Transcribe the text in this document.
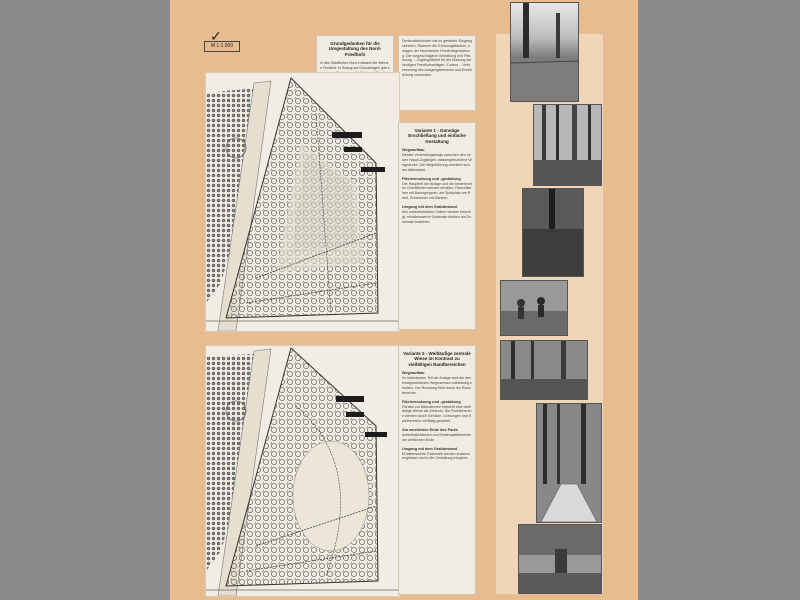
✓
M 1:1.000	Grundgedanken für die Umgestaltung des Nord-Friedhofs
In den Stadtteilen Nord entstand die Weinen Friedhof. In Bezug auf Grünanlagen gibt e
Denkmalbehörden hat es gestaltet: Eingangsbereich, Rahmen der Erholungsflächen, Anlagen der historischen Friedhofsgestaltung. Die vorgeschlagene Gestaltung und Pflanzung ... Zugänglichkeit für die Nutzung der heutigen Friedhofsanlagen. Zudem ... Verbesserung des Ausgangsbereichs und Erschließung vorhanden.
Variante 1 - Günstige Erschließung und einfache Gestaltung
Wegeaufbau
Direkte Verbindungswege zwischen den neuen Haupt-Zugängen, wassergebundene Wegedecke. Die Wegeführung orientiert sich am Altbestand.
Flächennutzung und -gestaltung
Der Hauptteil der Anlage und die bestehenden Grünflächen werden erhalten. Rasenflächen mit Baumgruppen, ein Spielplatz am Rand, Ruhezonen mit Bänken.
Umgang mit dem Grabbestand
Alle unbedenklichen Gräber werden beseitigt; erhaltenswerte Grabmale bleiben als Denkmale bestehen.
Variante 2 - Weitläufige zentrale Wiese im Kontrast zu vielfältigen Randbereichen
Wegeaufbau
Im historischen Teil der Anlage sind die denkmalgeschützten Wegeachsen vollständig erhalten. Der Rundweg führt durch die Randbereiche.
Flächennutzung und -gestaltung
Parallel zur Bahnstrecke entsteht eine weitläufige Wiese als Zentrum. Die Randbereiche werden durch Gehölze, Lichtungen und Spielbereiche vielfältig gestaltet.
Am westlichen Ende des Parks
Aufenthaltsflächen und Kinderspielbereiche am westlichen Ende.
Umgang mit dem Grabbestand
Erhaltenswerte Grabmale werden zusammengefasst und in die Gestaltung integriert.
